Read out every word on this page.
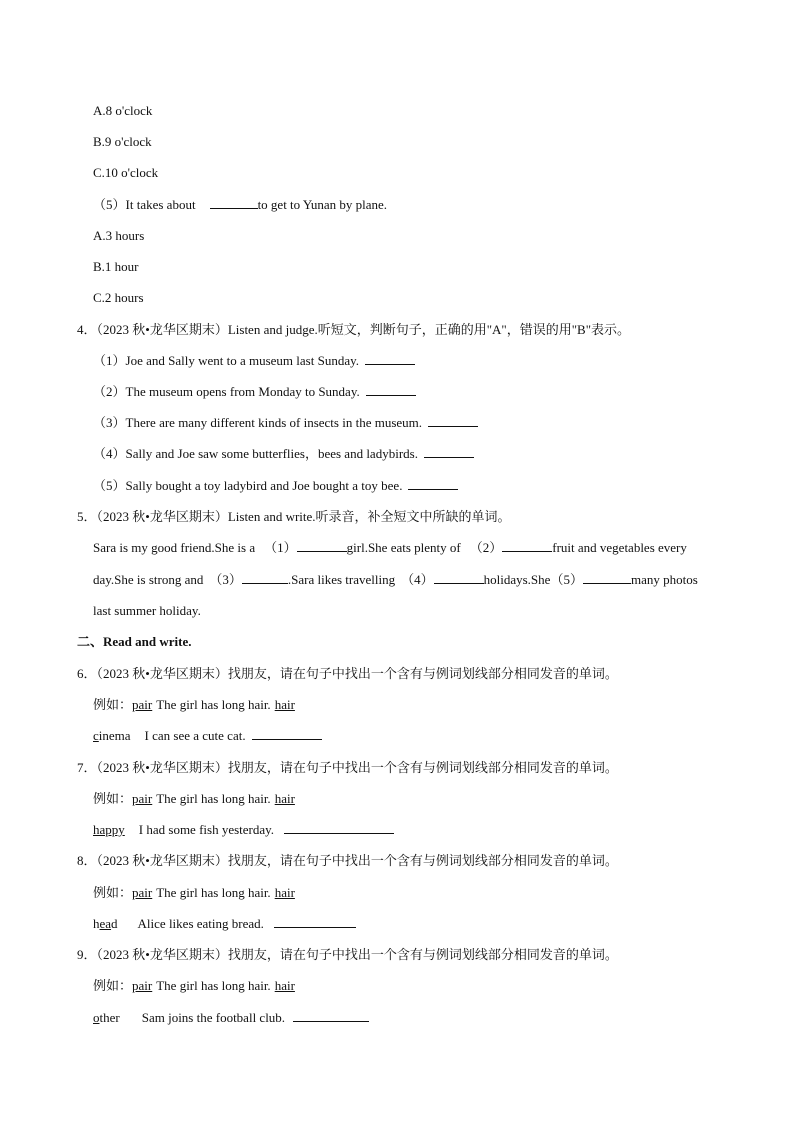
A.8 o'clock
B.9 o'clock
C.10 o'clock
（5）It takes about	to get to Yunan by plane.
A.3 hours
B.1 hour
C.2 hours
4．（2023 秋•龙华区期末）Listen and judge.听短文，判断句子，正确的用"A"，错误的用"B"表示。
（1）Joe and Sally went to a museum last Sunday.
（2）The museum opens from Monday to Sunday.
（3）There are many different kinds of insects in the museum.
（4）Sally and Joe saw some butterflies，bees and ladybirds.
（5）Sally bought a toy ladybird and Joe bought a toy bee.
5．（2023 秋•龙华区期末）Listen and write.听录音，补全短文中所缺的单词。
Sara is my good friend.She is a （1）	girl.She eats plenty of （2）	fruit and vegetables every
day.She is strong and （3）	.Sara likes travelling （4）	holidays.She（5）	many photos
last summer holiday.
二、Read and write.
6．（2023 秋•龙华区期末）找朋友，请在句子中找出一个含有与例词划线部分相同发音的单词。
例如：pair The girl has long hair. hair
cinema I can see a cute cat.
7．（2023 秋•龙华区期末）找朋友，请在句子中找出一个含有与例词划线部分相同发音的单词。
例如：pair The girl has long hair. hair
happy I had some fish yesterday.
8．（2023 秋•龙华区期末）找朋友，请在句子中找出一个含有与例词划线部分相同发音的单词。
例如：pair The girl has long hair. hair
head Alice likes eating bread.
9．（2023 秋•龙华区期末）找朋友，请在句子中找出一个含有与例词划线部分相同发音的单词。
例如：pair The girl has long hair. hair
other Sam joins the football club.
